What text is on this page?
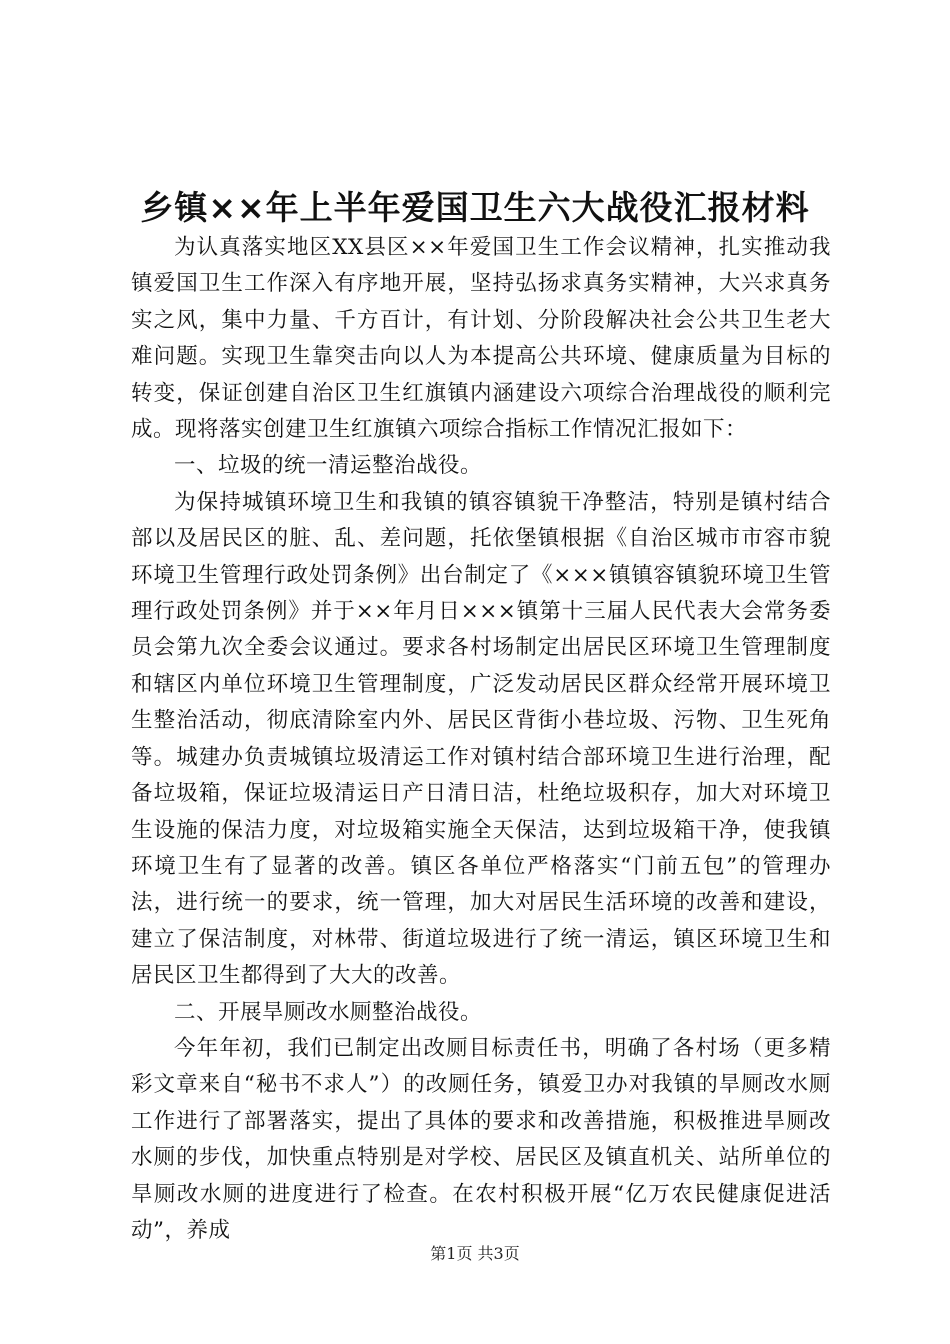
乡镇××年上半年爱国卫生六大战役汇报材料

为认真落实地区XX县区××年爱国卫生工作会议精神，扎实推动我镇爱国卫生工作深入有序地开展，坚持弘扬求真务实精神，大兴求真务实之风，集中力量、千方百计，有计划、分阶段解决社会公共卫生老大难问题。实现卫生靠突击向以人为本提高公共环境、健康质量为目标的转变，保证创建自治区卫生红旗镇内涵建设六项综合治理战役的顺利完成。现将落实创建卫生红旗镇六项综合指标工作情况汇报如下：

一、垃圾的统一清运整治战役。

为保持城镇环境卫生和我镇的镇容镇貌干净整洁，特别是镇村结合部以及居民区的脏、乱、差问题，托依堡镇根据《自治区城市市容市貌环境卫生管理行政处罚条例》出台制定了《×××镇镇容镇貌环境卫生管理行政处罚条例》并于××年月日×××镇第十三届人民代表大会常务委员会第九次全委会议通过。要求各村场制定出居民区环境卫生管理制度和辖区内单位环境卫生管理制度，广泛发动居民区群众经常开展环境卫生整治活动，彻底清除室内外、居民区背街小巷垃圾、污物、卫生死角等。城建办负责城镇垃圾清运工作对镇村结合部环境卫生进行治理，配备垃圾箱，保证垃圾清运日产日清日洁，杜绝垃圾积存，加大对环境卫生设施的保洁力度，对垃圾箱实施全天保洁，达到垃圾箱干净，使我镇环境卫生有了显著的改善。镇区各单位严格落实“门前五包”的管理办法，进行统一的要求，统一管理，加大对居民生活环境的改善和建设，建立了保洁制度，对林带、街道垃圾进行了统一清运，镇区环境卫生和居民区卫生都得到了大大的改善。

二、开展旱厕改水厕整治战役。

今年年初，我们已制定出改厕目标责任书，明确了各村场（更多精彩文章来自“秘书不求人”）的改厕任务，镇爱卫办对我镇的旱厕改水厕工作进行了部署落实，提出了具体的要求和改善措施，积极推进旱厕改水厕的步伐，加快重点特别是对学校、居民区及镇直机关、站所单位的旱厕改水厕的进度进行了检查。在农村积极开展“亿万农民健康促进活动”，养成

第1页 共3页
